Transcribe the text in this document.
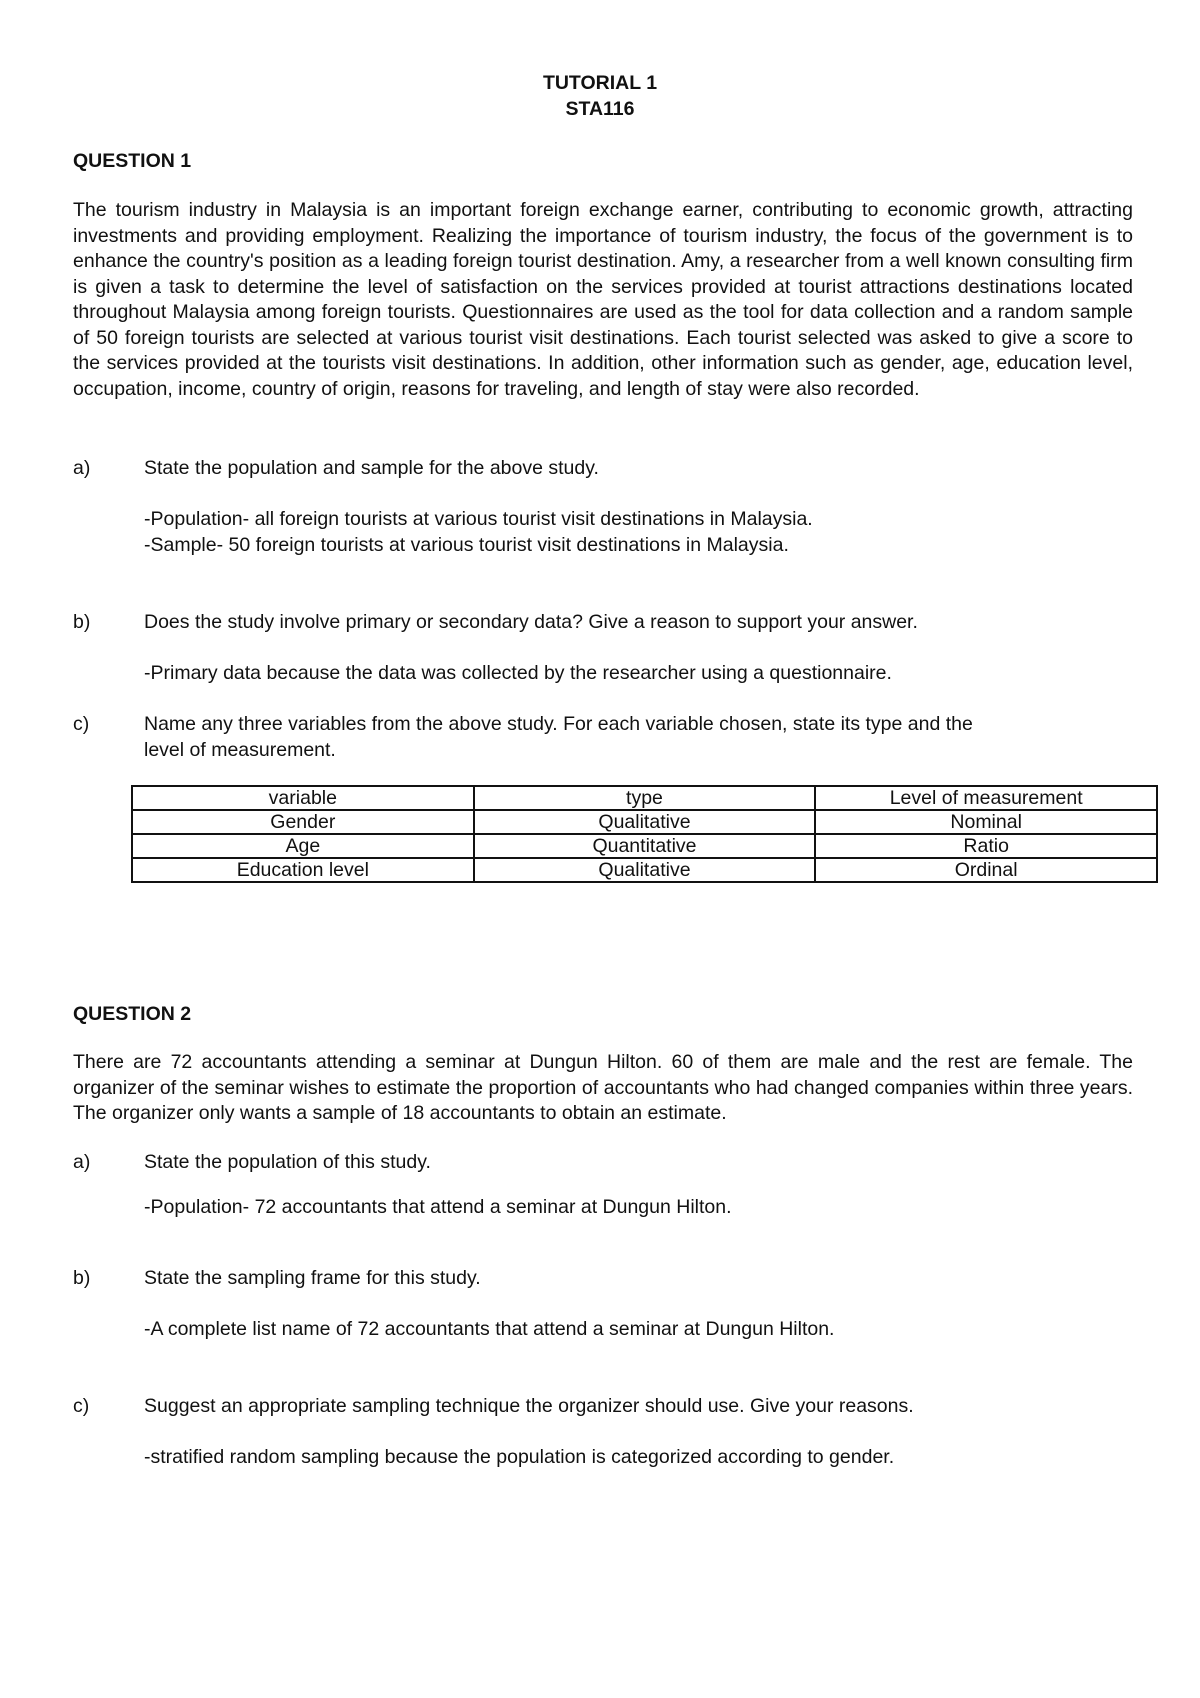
TUTORIAL 1
STA116
QUESTION 1

The tourism industry in Malaysia is an important foreign exchange earner, contributing to economic growth, attracting investments and providing employment. Realizing the importance of tourism industry, the focus of the government is to enhance the country's position as a leading foreign tourist destination. Amy, a researcher from a well known consulting firm is given a task to determine the level of satisfaction on the services provided at tourist attractions destinations located throughout Malaysia among foreign tourists. Questionnaires are used as the tool for data collection and a random sample of 50 foreign tourists are selected at various tourist visit destinations. Each tourist selected was asked to give a score to the services provided at the tourists visit destinations. In addition, other information such as gender, age, education level, occupation, income, country of origin, reasons for traveling, and length of stay were also recorded.

a)	State the population and sample for the above study.
-Population- all foreign tourists at various tourist visit destinations in Malaysia.
-Sample- 50 foreign tourists at various tourist visit destinations in Malaysia.
b)	Does the study involve primary or secondary data? Give a reason to support your answer.
-Primary data because the data was collected by the researcher using a questionnaire.
c)	Name any three variables from the above study. For each variable chosen, state its type and the
level of measurement.
variable	type	Level of measurement
Gender	Qualitative	Nominal
Age	Quantitative	Ratio
Education level	Qualitative	Ordinal
QUESTION 2

There are 72 accountants attending a seminar at Dungun Hilton. 60 of them are male and the rest are female. The organizer of the seminar wishes to estimate the proportion of accountants who had changed companies within three years. The organizer only wants a sample of 18 accountants to obtain an estimate.

a)	State the population of this study.
-Population- 72 accountants that attend a seminar at Dungun Hilton.
b)	State the sampling frame for this study.
-A complete list name of 72 accountants that attend a seminar at Dungun Hilton.
c)	Suggest an appropriate sampling technique the organizer should use. Give your reasons.
-stratified random sampling because the population is categorized according to gender.
